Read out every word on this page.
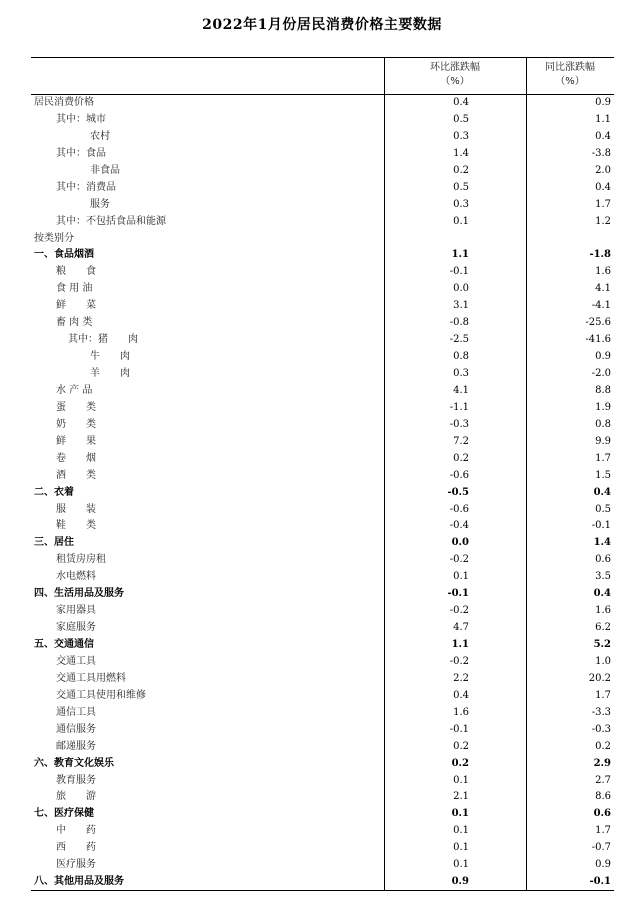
2022年1月份居民消费价格主要数据
环比涨跌幅
（%）
同比涨跌幅
（%）
居民消费价格	0.4	0.9
其中：城市	0.5	1.1
农村	0.3	0.4
其中：食品	1.4	-3.8
非食品	0.2	2.0
其中：消费品	0.5	0.4
服务	0.3	1.7
其中：不包括食品和能源	0.1	1.2
按类别分
一、食品烟酒	1.1	-1.8
粮　　食	-0.1	1.6
食 用 油	0.0	4.1
鲜　　菜	3.1	-4.1
畜 肉 类	-0.8	-25.6
其中：猪　　肉	-2.5	-41.6
牛　　肉	0.8	0.9
羊　　肉	0.3	-2.0
水 产 品	4.1	8.8
蛋　　类	-1.1	1.9
奶　　类	-0.3	0.8
鲜　　果	7.2	9.9
卷　　烟	0.2	1.7
酒　　类	-0.6	1.5
二、衣着	-0.5	0.4
服　　装	-0.6	0.5
鞋　　类	-0.4	-0.1
三、居住	0.0	1.4
租赁房房租	-0.2	0.6
水电燃料	0.1	3.5
四、生活用品及服务	-0.1	0.4
家用器具	-0.2	1.6
家庭服务	4.7	6.2
五、交通通信	1.1	5.2
交通工具	-0.2	1.0
交通工具用燃料	2.2	20.2
交通工具使用和维修	0.4	1.7
通信工具	1.6	-3.3
通信服务	-0.1	-0.3
邮递服务	0.2	0.2
六、教育文化娱乐	0.2	2.9
教育服务	0.1	2.7
旅　　游	2.1	8.6
七、医疗保健	0.1	0.6
中　　药	0.1	1.7
西　　药	0.1	-0.7
医疗服务	0.1	0.9
八、其他用品及服务	0.9	-0.1
